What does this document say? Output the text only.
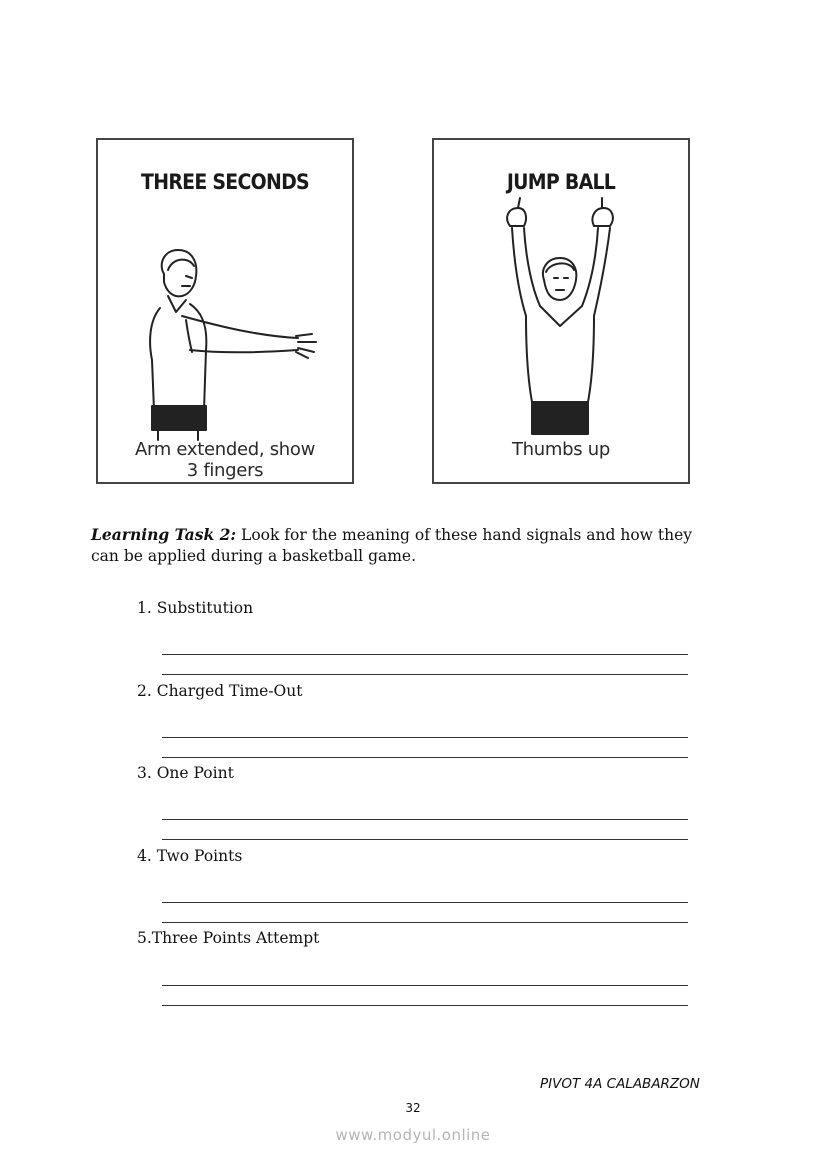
THREE SECONDS
Arm extended, show
3 fingers
JUMP BALL
Thumbs up
Learning Task 2: Look for the meaning of these hand signals and how they can be applied during a basketball game.
1. Substitution
2. Charged Time-Out
3. One Point
4. Two Points
5.Three Points Attempt
PIVOT 4A CALABARZON
32
www.modyul.online
